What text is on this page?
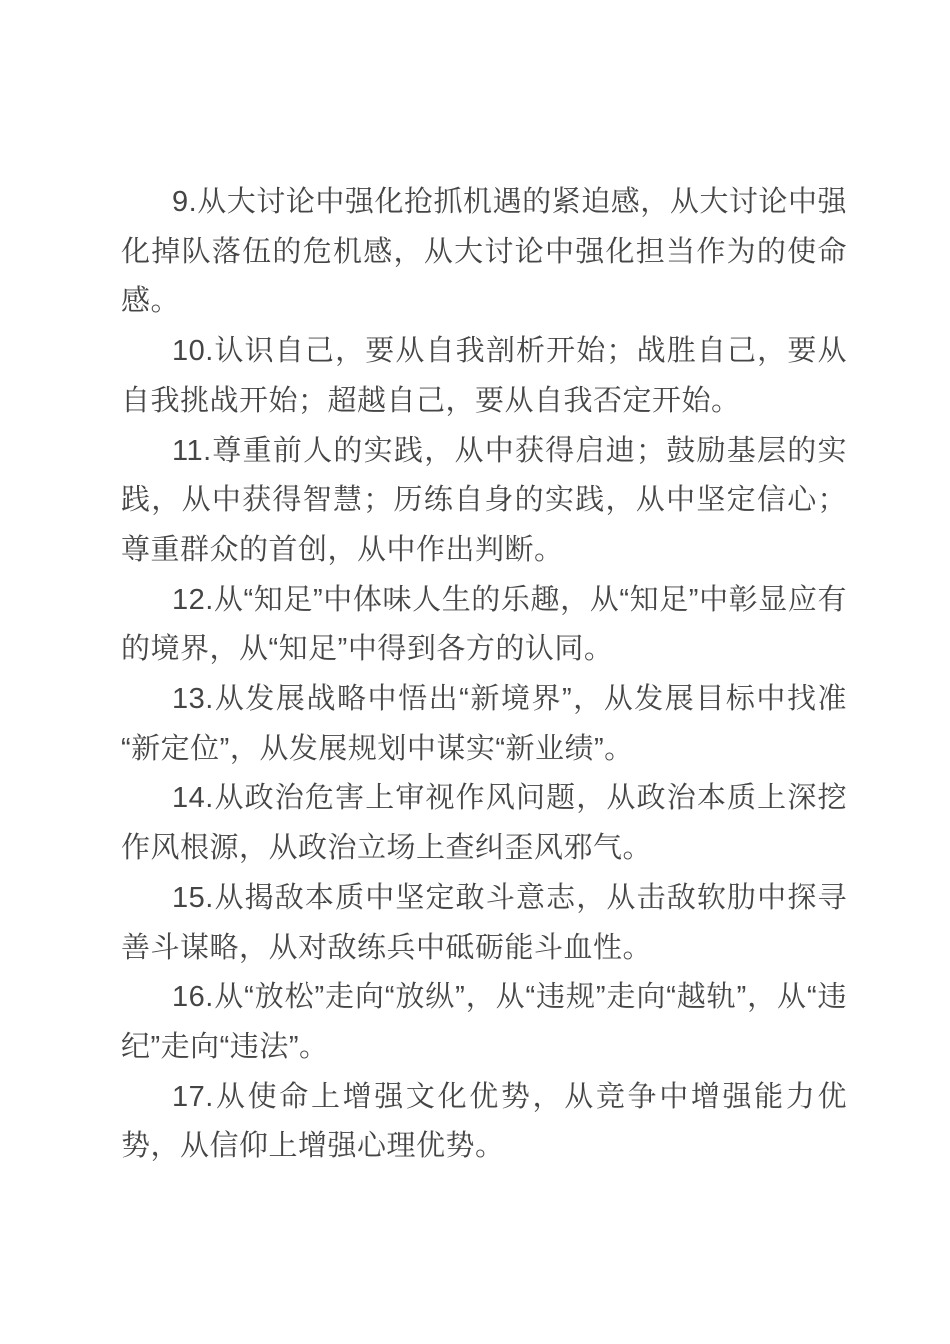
9.从大讨论中强化抢抓机遇的紧迫感，从大讨论中强化掉队落伍的危机感，从大讨论中强化担当作为的使命感。

10.认识自己，要从自我剖析开始；战胜自己，要从自我挑战开始；超越自己，要从自我否定开始。

11.尊重前人的实践，从中获得启迪；鼓励基层的实践，从中获得智慧；历练自身的实践，从中坚定信心；尊重群众的首创，从中作出判断。

12.从“知足”中体味人生的乐趣，从“知足”中彰显应有的境界，从“知足”中得到各方的认同。

13.从发展战略中悟出“新境界”，从发展目标中找准“新定位”，从发展规划中谋实“新业绩”。

14.从政治危害上审视作风问题，从政治本质上深挖作风根源，从政治立场上查纠歪风邪气。

15.从揭敌本质中坚定敢斗意志，从击敌软肋中探寻善斗谋略，从对敌练兵中砥砺能斗血性。

16.从“放松”走向“放纵”，从“违规”走向“越轨”，从“违纪”走向“违法”。

17.从使命上增强文化优势，从竞争中增强能力优势，从信仰上增强心理优势。
